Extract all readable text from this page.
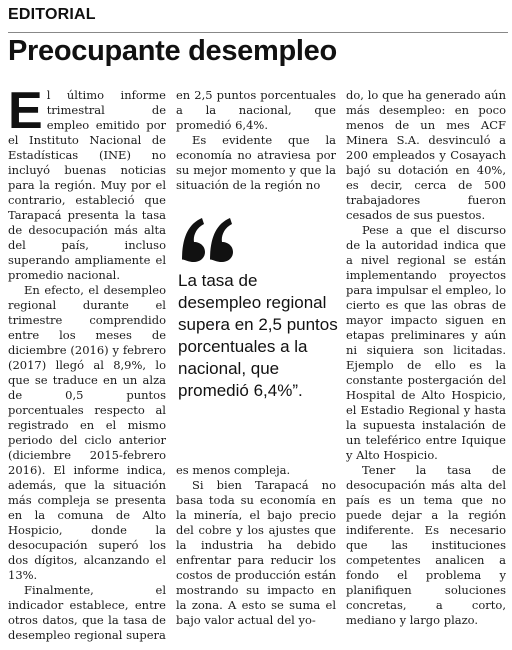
EDITORIAL
Preocupante desempleo

El último informe trimestral de empleo emitido por el Instituto Nacional de Estadísticas (INE) no incluyó buenas noticias para la región. Muy por el contrario, estableció que Tarapacá presenta la tasa de desocupación más alta del país, incluso superando ampliamente el promedio nacional.

En efecto, el desempleo regional durante el trimestre comprendido entre los meses de diciembre (2016) y febrero (2017) llegó al 8,9%, lo que se traduce en un alza de 0,5 puntos porcentuales respecto al registrado en el mismo periodo del ciclo anterior (diciembre 2015-febrero 2016). El informe indica, además, que la situación más compleja se presenta en la comuna de Alto Hospicio, donde la desocupación superó los dos dígitos, alcanzando el 13%.

Finalmente, el indicador establece, entre otros datos, que la tasa de desempleo regional supera

en 2,5 puntos porcentuales a la nacional, que promedió 6,4%.

Es evidente que la economía no atraviesa por su mejor momento y que la situación de la región no

La tasa de desempleo regional supera en 2,5 puntos porcentuales a la nacional, que promedió 6,4%”.

es menos compleja.

Si bien Tarapacá no basa toda su economía en la minería, el bajo precio del cobre y los ajustes que la industria ha debido enfrentar para reducir los costos de producción están mostrando su impacto en la zona. A esto se suma el bajo valor actual del yo-

do, lo que ha generado aún más desempleo: en poco menos de un mes ACF Minera S.A. desvinculó a 200 empleados y Cosayach bajó su dotación en 40%, es decir, cerca de 500 trabajadores fueron cesados de sus puestos.

Pese a que el discurso de la autoridad indica que a nivel regional se están implementando proyectos para impulsar el empleo, lo cierto es que las obras de mayor impacto siguen en etapas preliminares y aún ni siquiera son licitadas. Ejemplo de ello es la constante postergación del Hospital de Alto Hospicio, el Estadio Regional y hasta la supuesta instalación de un teleférico entre Iquique y Alto Hospicio.

Tener la tasa de desocupación más alta del país es un tema que no puede dejar a la región indiferente. Es necesario que las instituciones competentes analicen a fondo el problema y planifiquen soluciones concretas, a corto, mediano y largo plazo.
